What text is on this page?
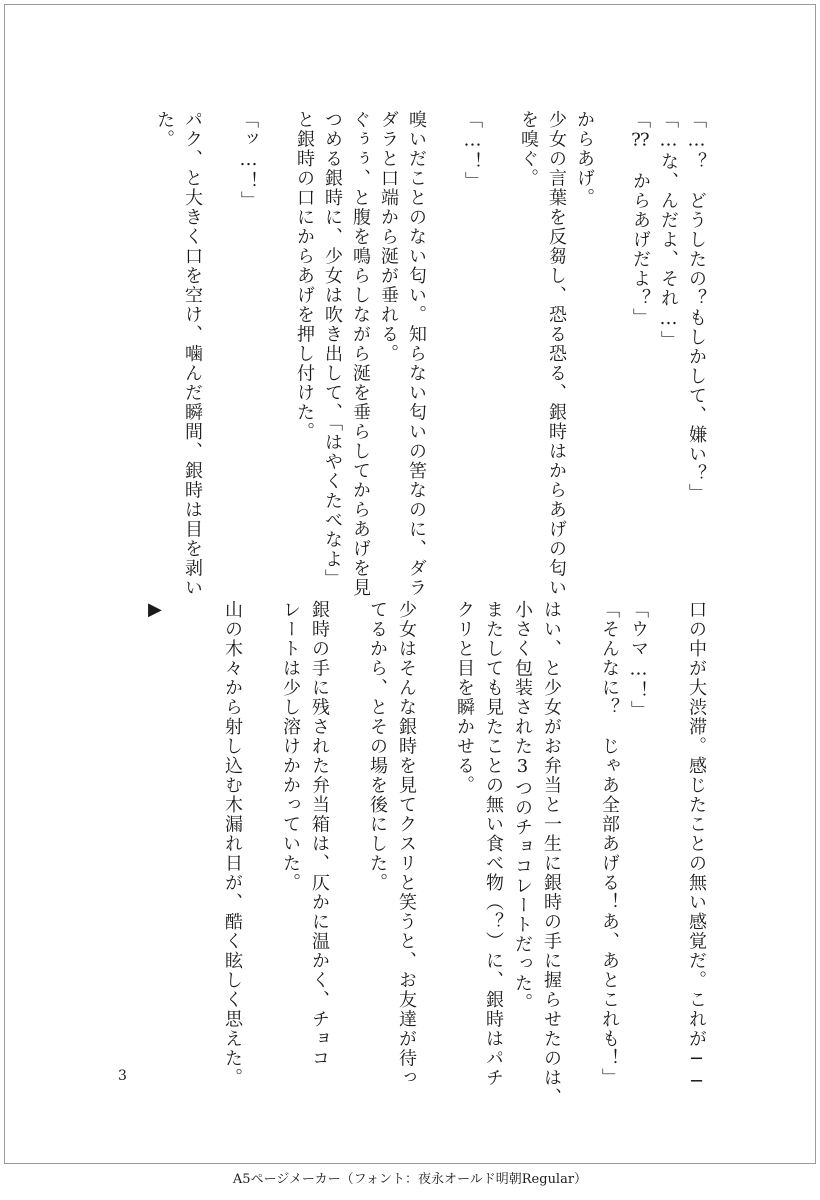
「…？　どうしたの？もしかして、嫌い？」
「…な、んだよ、それ…」
「⁇　からあげだよ？」
からあげ。
少女の言葉を反芻し、恐る恐る、銀時はからあげの匂い
を嗅ぐ。
「…！」
嗅いだことのない匂い。知らない匂いの筈なのに、ダラ
ダラと口端から涎が垂れる。
ぐぅぅ、と腹を鳴らしながら涎を垂らしてからあげを見
つめる銀時に、少女は吹き出して、「はやくたべなよ」
と銀時の口にからあげを押し付けた。
「ッ…！」
パク、と大きく口を空け、噛んだ瞬間、銀時は目を剥い
た。
口の中が大渋滞。感じたことの無い感覚だ。これが──
「ウマ…！」
「そんなに？　じゃあ全部あげる！あ、あとこれも！」
はい、と少女がお弁当と一生に銀時の手に握らせたのは、
小さく包装された3つのチョコレートだった。
またしても見たことの無い食べ物（？）に、銀時はパチ
クリと目を瞬かせる。
少女はそんな銀時を見てクスリと笑うと、お友達が待っ
てるから、とその場を後にした。
銀時の手に残された弁当箱は、仄かに温かく、チョコ
レートは少し溶けかかっていた。
山の木々から射し込む木漏れ日が、酷く眩しく思えた。
▶
3
A5ページメーカー（フォント：夜永オールド明朝Regular）
